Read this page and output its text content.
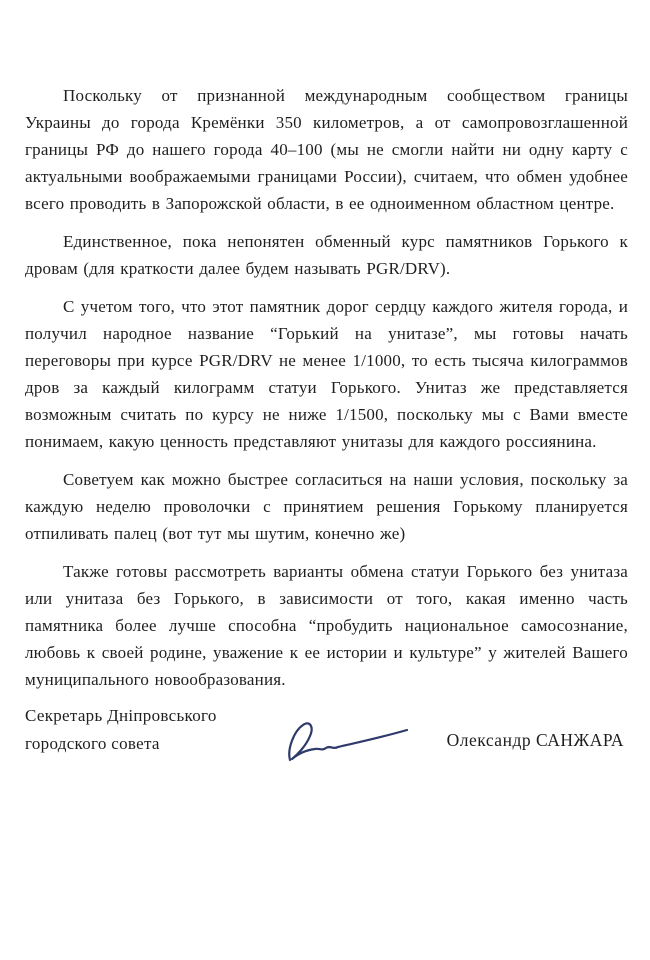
Поскольку от признанной международным сообществом границы Украины до города Кремёнки 350 километров, а от самопровозглашенной границы РФ до нашего города 40–100 (мы не смогли найти ни одну карту с актуальными воображаемыми границами России), считаем, что обмен удобнее всего проводить в Запорожской области, в ее одноименном областном центре.

Единственное, пока непонятен обменный курс памятников Горького к дровам (для краткости далее будем называть PGR/DRV).

С учетом того, что этот памятник дорог сердцу каждого жителя города, и получил народное название “Горький на унитазе”, мы готовы начать переговоры при курсе PGR/DRV не менее 1/1000, то есть тысяча килограммов дров за каждый килограмм статуи Горького. Унитаз же представляется возможным считать по курсу не ниже 1/1500, поскольку мы с Вами вместе понимаем, какую ценность представляют унитазы для каждого россиянина.

Советуем как можно быстрее согласиться на наши условия, поскольку за каждую неделю проволочки с принятием решения Горькому планируется отпиливать палец (вот тут мы шутим, конечно же)

Также готовы рассмотреть варианты обмена статуи Горького без унитаза или унитаза без Горького, в зависимости от того, какая именно часть памятника более лучше способна “пробудить национальное самосознание, любовь к своей родине, уважение к ее истории и культуре” у жителей Вашего муниципального новообразования.

Секретарь Дніпровського
городского совета	Олександр САНЖАРА
